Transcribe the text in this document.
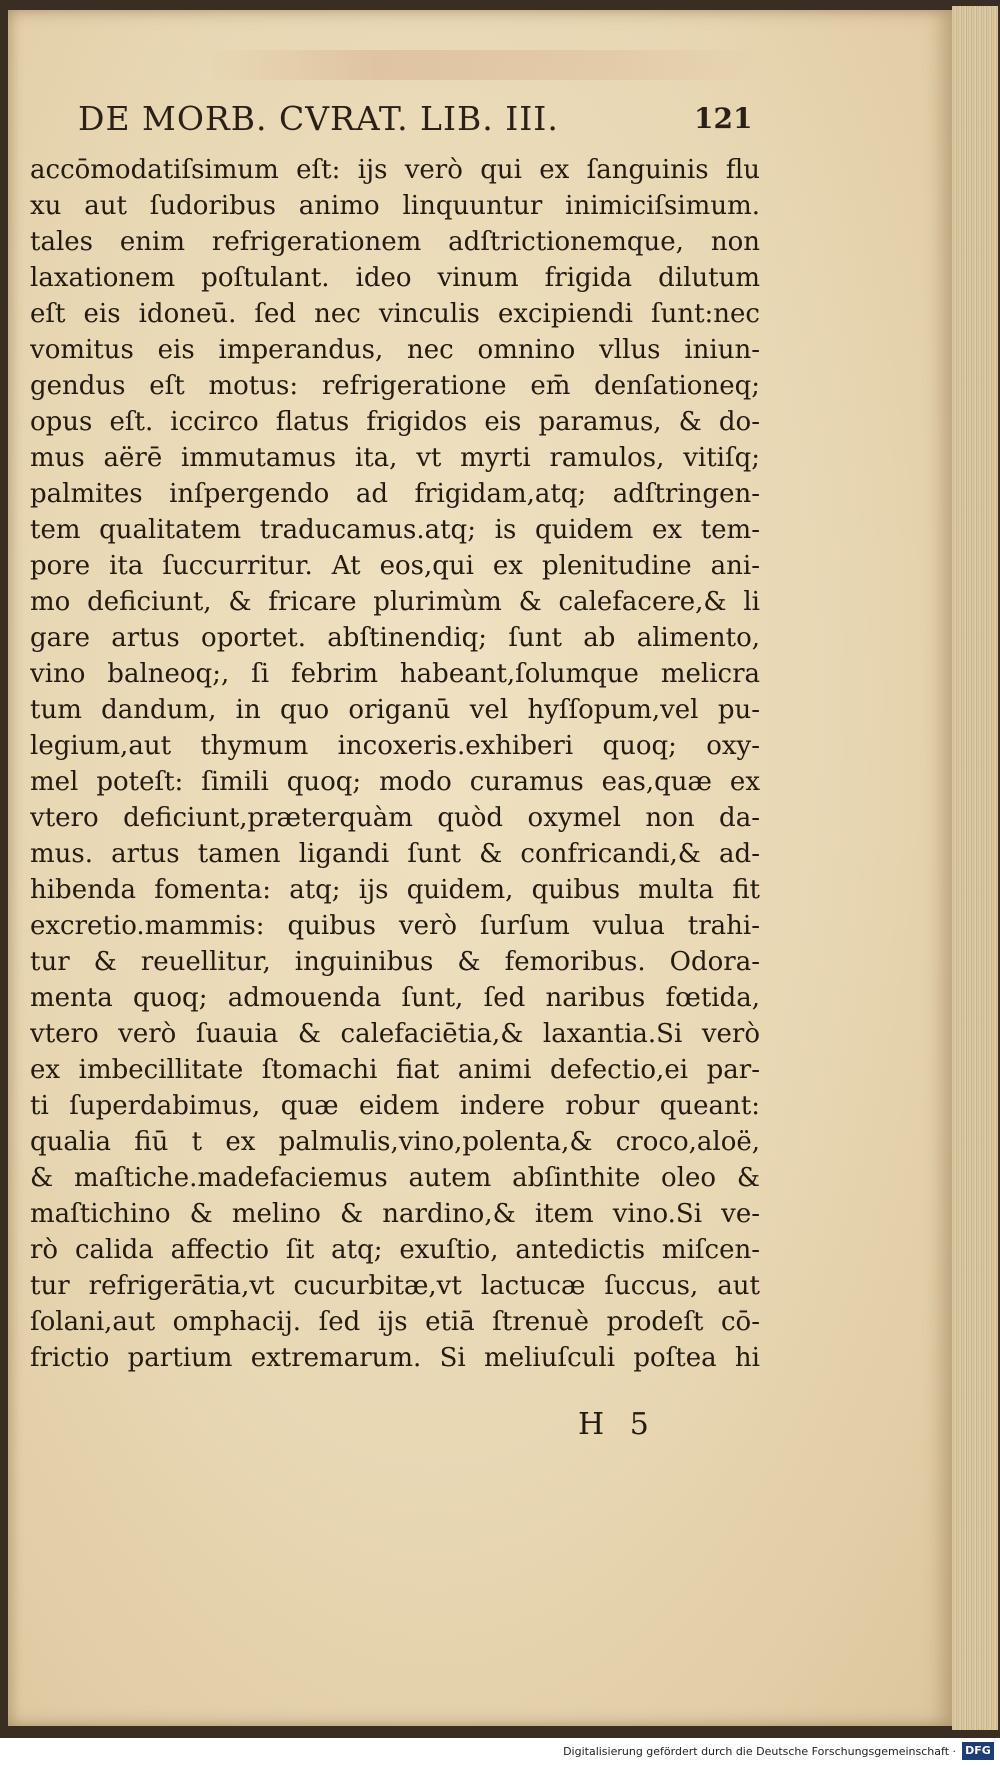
DE MORB. CVRAT. LIB. III.	121
accōmodatiſsimum eſt: ijs verò qui ex ſanguinis flu
xu aut ſudoribus animo linquuntur inimiciſsimum.
tales enim refrigerationem adſtrictionemque, non
laxationem poſtulant. ideo vinum frigida dilutum
eſt eis idoneū. ſed nec vinculis excipiendi ſunt:nec
vomitus eis imperandus, nec omnino vllus iniun-
gendus eſt motus: refrigeratione em̄ denſationeq;
opus eſt. iccirco flatus frigidos eis paramus, & do-
mus aërē immutamus ita, vt myrti ramulos, vitiſq;
palmites inſpergendo ad frigidam,atq; adſtringen-
tem qualitatem traducamus.atq; is quidem ex tem-
pore ita ſuccurritur. At eos,qui ex plenitudine ani-
mo deficiunt, & fricare plurimùm & calefacere,& li
gare artus oportet. abſtinendiq; ſunt ab alimento,
vino balneoq;, ſi febrim habeant,ſolumque melicra
tum dandum, in quo origanū vel hyſſopum,vel pu-
legium,aut thymum incoxeris.exhiberi quoq; oxy-
mel poteſt: ſimili quoq; modo curamus eas,quæ ex
vtero deficiunt,præterquàm quòd oxymel non da-
mus. artus tamen ligandi ſunt & confricandi,& ad-
hibenda fomenta: atq; ijs quidem, quibus multa fit
excretio.mammis: quibus verò ſurſum vulua trahi-
tur & reuellitur, inguinibus & femoribus. Odora-
menta quoq; admouenda ſunt, ſed naribus fœtida,
vtero verò ſuauia & calefaciētia,& laxantia.Si verò
ex imbecillitate ſtomachi fiat animi defectio,ei par-
ti ſuperdabimus, quæ eidem indere robur queant:
qualia fiū t ex palmulis,vino,polenta,& croco,aloë,
& maſtiche.madefaciemus autem abſinthite oleo &
maſtichino & melino & nardino,& item vino.Si ve-
rò calida affectio ſit atq; exuſtio, antedictis miſcen-
tur refrigerātia,vt cucurbitæ,vt lactucæ ſuccus, aut
ſolani,aut omphacij. ſed ijs etiā ſtrenuè prodeſt cō-
frictio partium extremarum. Si meliuſculi poſtea hi
H 5
Digitalisierung gefördert durch die Deutsche Forschungsgemeinschaft · DFG
